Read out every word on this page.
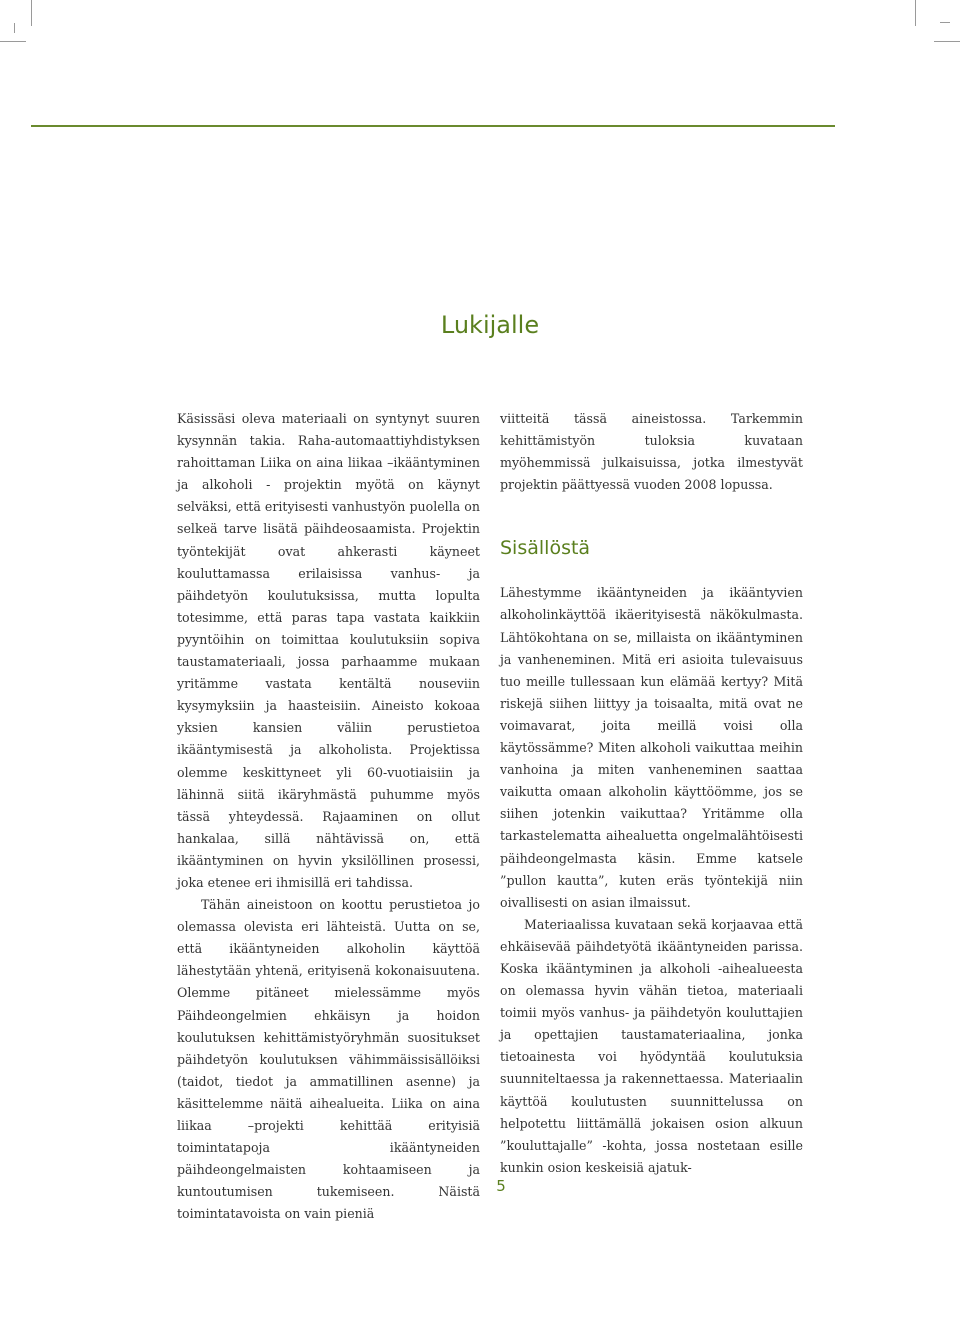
Lukijalle

Käsissäsi oleva materiaali on syntynyt suuren kysynnän takia. Raha-automaattiyhdistyksen rahoittaman Liika on aina liikaa –ikääntyminen ja alkoholi - projektin myötä on käynyt selväksi, että erityisesti vanhustyön puolella on selkeä tarve lisätä päihdeosaamista. Projektin työntekijät ovat ahkerasti käyneet kouluttamassa erilaisissa vanhus- ja päihdetyön koulutuksissa, mutta lopulta totesimme, että paras tapa vastata kaikkiin pyyntöihin on toimittaa koulutuksiin sopiva taustamateriaali, jossa parhaamme mukaan yritämme vastata kentältä nouseviin kysymyksiin ja haasteisiin. Aineisto kokoaa yksien kansien väliin perustietoa ikääntymisestä ja alkoholista. Projektissa olemme keskittyneet yli 60-vuotiaisiin ja lähinnä siitä ikäryhmästä puhumme myös tässä yhteydessä. Rajaaminen on ollut hankalaa, sillä nähtävissä on, että ikääntyminen on hyvin yksilöllinen prosessi, joka etenee eri ihmisillä eri tahdissa.

Tähän aineistoon on koottu perustietoa jo olemassa olevista eri lähteistä. Uutta on se, että ikääntyneiden alkoholin käyttöä lähestytään yhtenä, erityisenä kokonaisuutena. Olemme pitäneet mielessämme myös Päihdeongelmien ehkäisyn ja hoidon koulutuksen kehittämistyöryhmän suositukset päihdetyön koulutuksen vähimmäissisällöiksi (taidot, tiedot ja ammatillinen asenne) ja käsittelemme näitä aihealueita. Liika on aina liikaa –projekti kehittää erityisiä toimintatapoja ikääntyneiden päihdeongelmaisten kohtaamiseen ja kuntoutumisen tukemiseen. Näistä toimintatavoista on vain pieniä

viitteitä tässä aineistossa. Tarkemmin kehittämistyön tuloksia kuvataan myöhemmissä julkaisuissa, jotka ilmestyvät projektin päättyessä vuoden 2008 lopussa.

Sisällöstä

Lähestymme ikääntyneiden ja ikääntyvien alkoholinkäyttöä ikäerityisestä näkökulmasta. Lähtökohtana on se, millaista on ikääntyminen ja vanheneminen. Mitä eri asioita tulevaisuus tuo meille tullessaan kun elämää kertyy? Mitä riskejä siihen liittyy ja toisaalta, mitä ovat ne voimavarat, joita meillä voisi olla käytössämme? Miten alkoholi vaikuttaa meihin vanhoina ja miten vanheneminen saattaa vaikutta omaan alkoholin käyttöömme, jos se siihen jotenkin vaikuttaa? Yritämme olla tarkastelematta aihealuetta ongelmalähtöisesti päihdeongelmasta käsin. Emme katsele ”pullon kautta”, kuten eräs työntekijä niin oivallisesti on asian ilmaissut.

Materiaalissa kuvataan sekä korjaavaa että ehkäisevää päihdetyötä ikääntyneiden parissa. Koska ikääntyminen ja alkoholi -aihealueesta on olemassa hyvin vähän tietoa, materiaali toimii myös vanhus- ja päihdetyön kouluttajien ja opettajien taustamateriaalina, jonka tietoainesta voi hyödyntää koulutuksia suunniteltaessa ja rakennettaessa. Materiaalin käyttöä koulutusten suunnittelussa on helpotettu liittämällä jokaisen osion alkuun ”kouluttajalle” -kohta, jossa nostetaan esille kunkin osion keskeisiä ajatuk-

5
